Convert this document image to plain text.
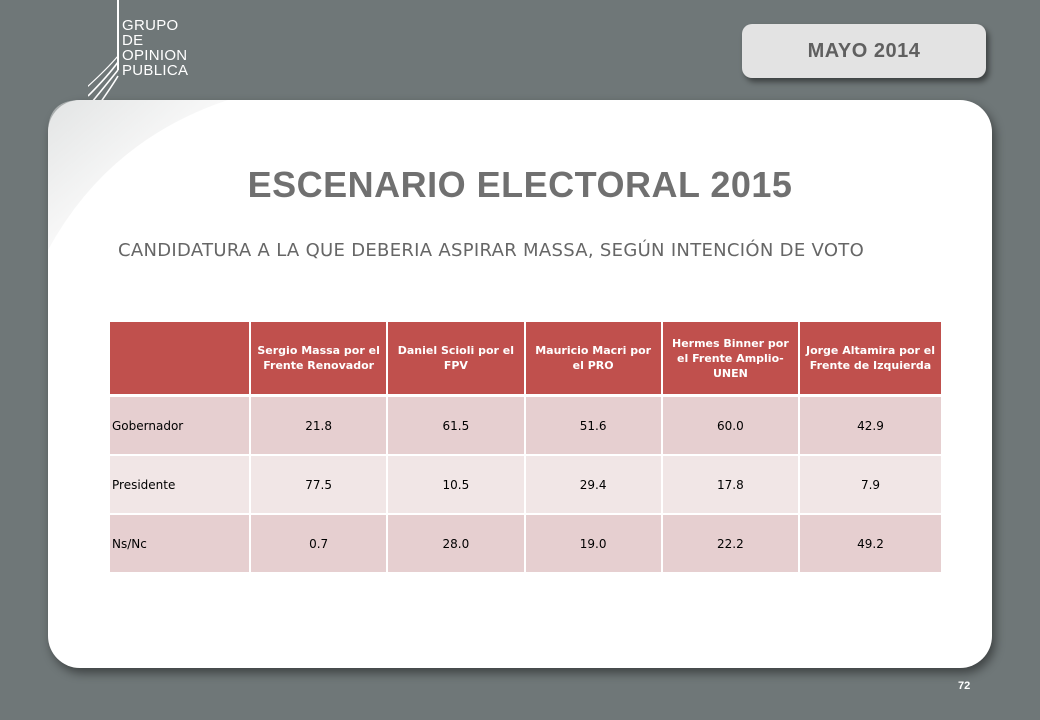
GRUPO
DE
OPINION
PUBLICA
MAYO 2014
ESCENARIO ELECTORAL 2015
CANDIDATURA A LA QUE DEBERIA ASPIRAR MASSA, SEGÚN INTENCIÓN DE VOTO
	Sergio Massa por el Frente Renovador	Daniel Scioli por el FPV	Mauricio Macri por el PRO	Hermes Binner por el Frente Amplio-UNEN	Jorge Altamira por el Frente de Izquierda
Gobernador	21.8	61.5	51.6	60.0	42.9
Presidente	77.5	10.5	29.4	17.8	7.9
Ns/Nc	0.7	28.0	19.0	22.2	49.2
72
